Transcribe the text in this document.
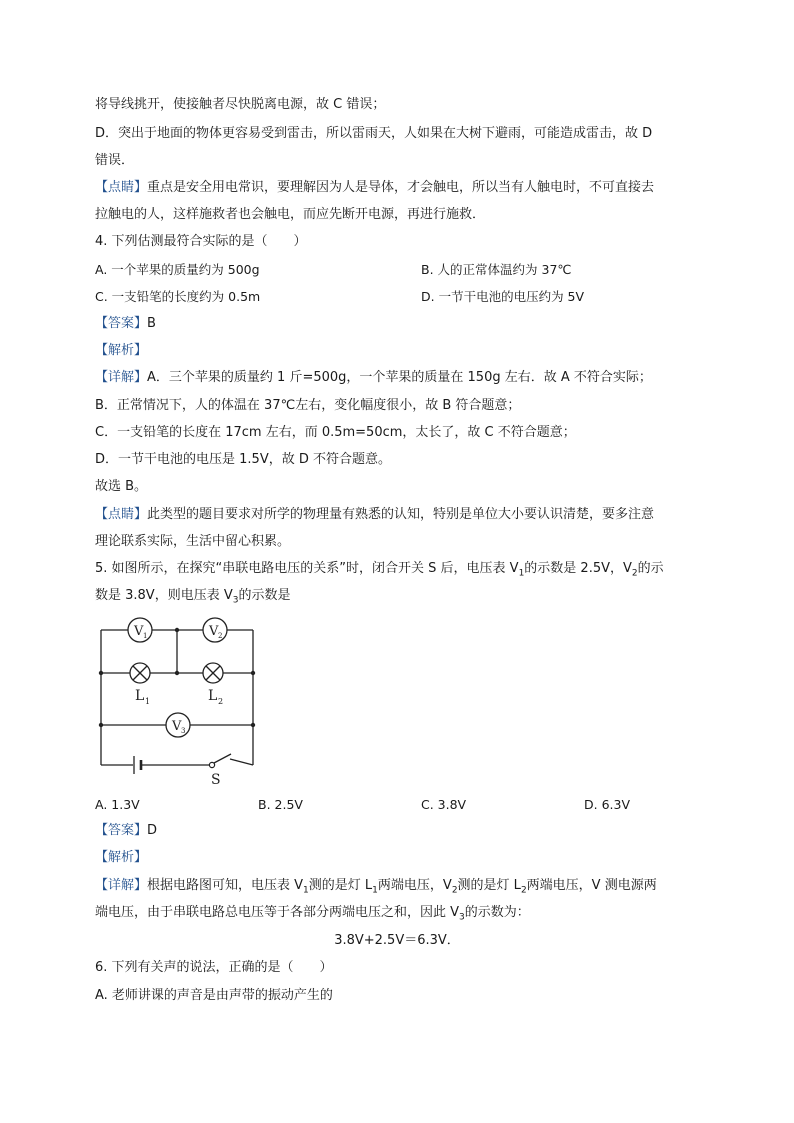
将导线挑开，使接触者尽快脱离电源，故 C 错误；
D．突出于地面的物体更容易受到雷击，所以雷雨天，人如果在大树下避雨，可能造成雷击，故 D
错误．
【点睛】重点是安全用电常识，要理解因为人是导体，才会触电，所以当有人触电时，不可直接去
拉触电的人，这样施救者也会触电，而应先断开电源，再进行施救．
4. 下列估测最符合实际的是（　　）
A. 一个苹果的质量约为 500g	B. 人的正常体温约为 37℃
C. 一支铅笔的长度约为 0.5m	D. 一节干电池的电压约为 5V
【答案】B
【解析】
【详解】A．三个苹果的质量约 1 斤=500g，一个苹果的质量在 150g 左右．故 A 不符合实际；
B．正常情况下，人的体温在 37℃左右，变化幅度很小，故 B 符合题意；
C．一支铅笔的长度在 17cm 左右，而 0.5m=50cm，太长了，故 C 不符合题意；
D．一节干电池的电压是 1.5V，故 D 不符合题意。
故选 B。
【点睛】此类型的题目要求对所学的物理量有熟悉的认知，特别是单位大小要认识清楚，要多注意
理论联系实际，生活中留心积累。
5. 如图所示，在探究“串联电路电压的关系”时，闭合开关 S 后，电压表 $V_1$的示数是 2.5V，$V_2$的示
数是 3.8V，则电压表 $V_3$的示数是
V 1	V 2
V 3
L 1	L 2
S
A. 1.3V	B. 2.5V	C. 3.8V	D. 6.3V
【答案】D
【解析】
【详解】根据电路图可知，电压表 $V_1$测的是灯 $L_1$两端电压，$V_2$测的是灯 $L_2$两端电压，V 测电源两
端电压，由于串联电路总电压等于各部分两端电压之和，因此 $V_3$的示数为：
3.8V+2.5V＝6.3V．
6. 下列有关声的说法，正确的是（　　）
A. 老师讲课的声音是由声带的振动产生的
